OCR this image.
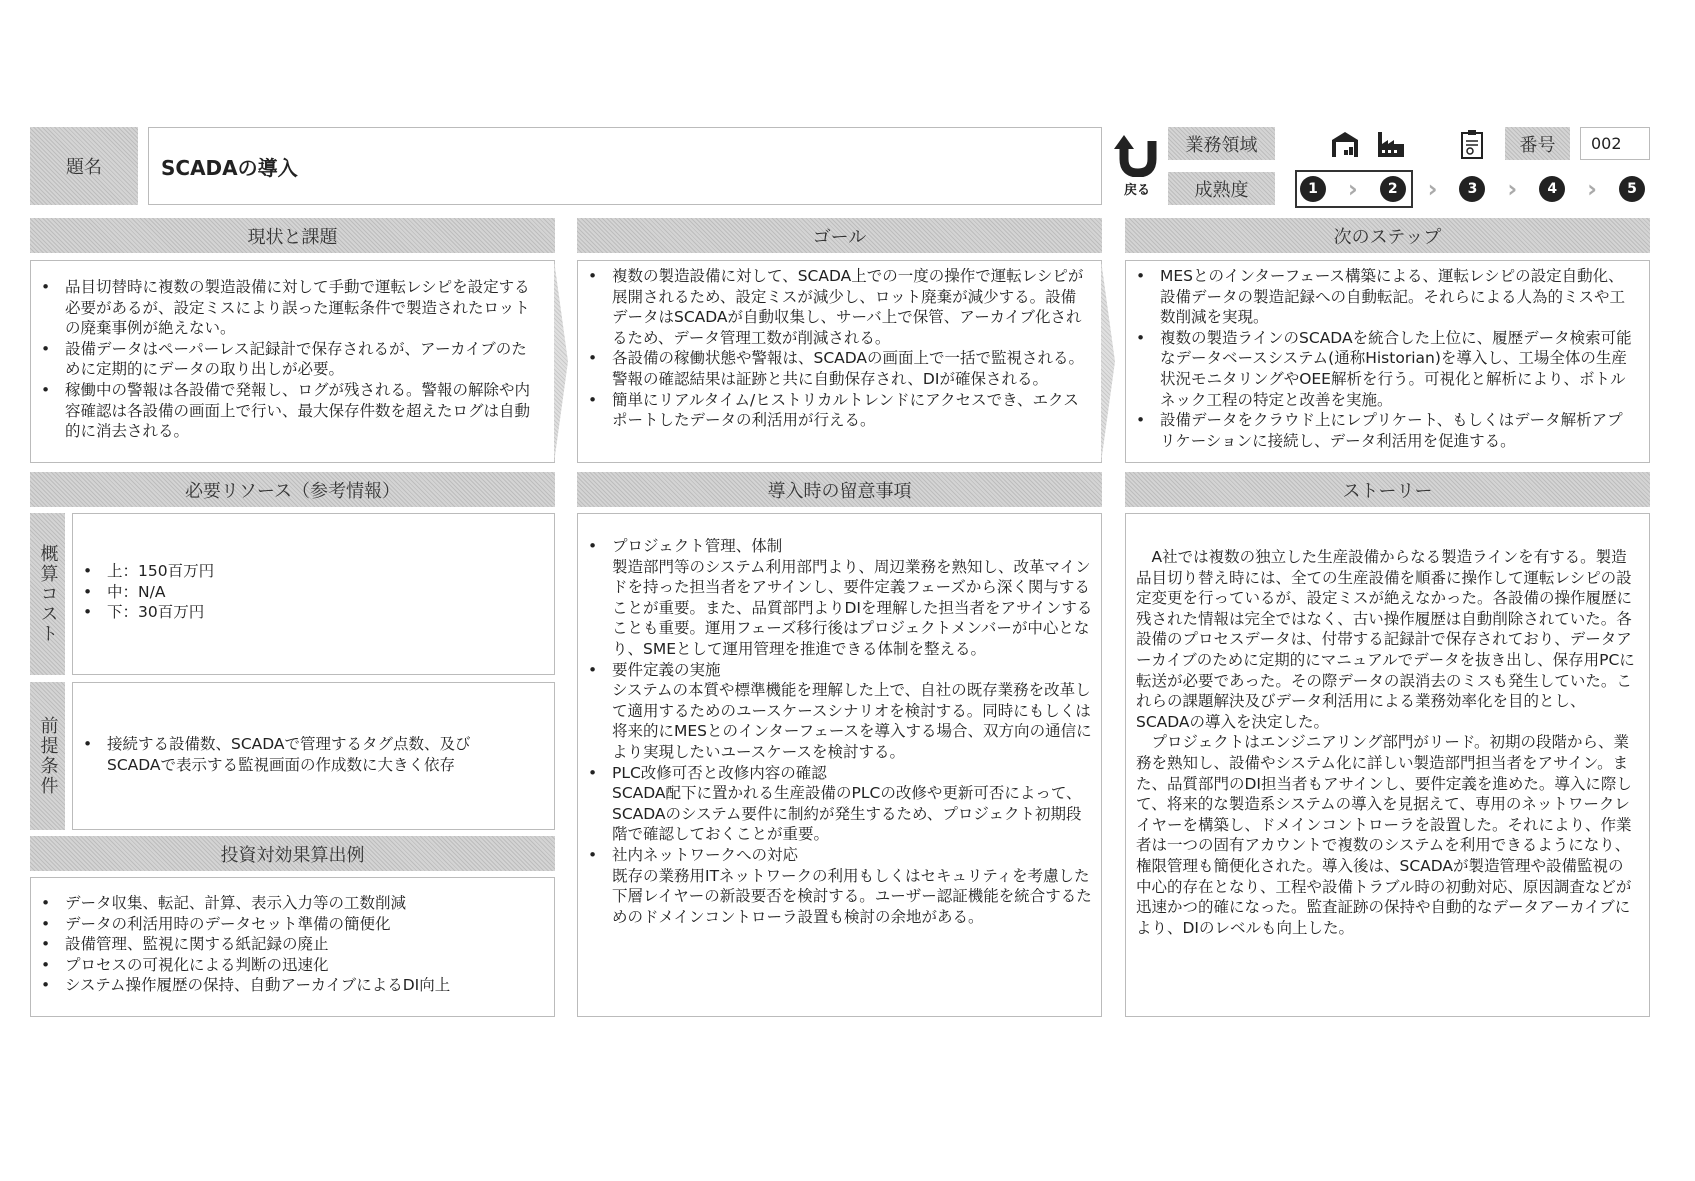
題名	SCADAの導入
戻る
業務領域
成熟度
番号 002
1	›	2	›	3	›	4	›	5
現状と課題	ゴール	次のステップ
• 品目切替時に複数の製造設備に対して手動で運転レシピを設定する必要があるが、設定ミスにより誤った運転条件で製造されたロットの廃棄事例が絶えない。
• 設備データはペーパーレス記録計で保存されるが、アーカイブのために定期的にデータの取り出しが必要。
• 稼働中の警報は各設備で発報し、ログが残される。警報の解除や内容確認は各設備の画面上で行い、最大保存件数を超えたログは自動的に消去される。
• 複数の製造設備に対して、SCADA上での一度の操作で運転レシピが展開されるため、設定ミスが減少し、ロット廃棄が減少する。設備データはSCADAが自動収集し、サーバ上で保管、アーカイブ化されるため、データ管理工数が削減される。
• 各設備の稼働状態や警報は、SCADAの画面上で一括で監視される。警報の確認結果は証跡と共に自動保存され、DIが確保される。
• 簡単にリアルタイム/ヒストリカルトレンドにアクセスでき、エクスポートしたデータの利活用が行える。
• MESとのインターフェース構築による、運転レシピの設定自動化、設備データの製造記録への自動転記。それらによる人為的ミスや工数削減を実現。
• 複数の製造ラインのSCADAを統合した上位に、履歴データ検索可能なデータベースシステム(通称Historian)を導入し、工場全体の生産状況モニタリングやOEE解析を行う。可視化と解析により、ボトルネック工程の特定と改善を実施。
• 設備データをクラウド上にレプリケート、もしくはデータ解析アプリケーションに接続し、データ利活用を促進する。
必要リソース（参考情報）	導入時の留意事項	ストーリー
概算コスト	• 上：150百万円
• 中：N/A
• 下：30百万円
前提条件	• 接続する設備数、SCADAで管理するタグ点数、及びSCADAで表示する監視画面の作成数に大きく依存
投資対効果算出例
• データ収集、転記、計算、表示入力等の工数削減
• データの利活用時のデータセット準備の簡便化
• 設備管理、監視に関する紙記録の廃止
• プロセスの可視化による判断の迅速化
• システム操作履歴の保持、自動アーカイブによるDI向上
• プロジェクト管理、体制
製造部門等のシステム利用部門より、周辺業務を熟知し、改革マインドを持った担当者をアサインし、要件定義フェーズから深く関与することが重要。また、品質部門よりDIを理解した担当者をアサインすることも重要。運用フェーズ移行後はプロジェクトメンバーが中心となり、SMEとして運用管理を推進できる体制を整える。
• 要件定義の実施
システムの本質や標準機能を理解した上で、自社の既存業務を改革して適用するためのユースケースシナリオを検討する。同時にもしくは将来的にMESとのインターフェースを導入する場合、双方向の通信により実現したいユースケースを検討する。
• PLC改修可否と改修内容の確認
SCADA配下に置かれる生産設備のPLCの改修や更新可否によって、SCADAのシステム要件に制約が発生するため、プロジェクト初期段階で確認しておくことが重要。
• 社内ネットワークへの対応
既存の業務用ITネットワークの利用もしくはセキュリティを考慮した下層レイヤーの新設要否を検討する。ユーザー認証機能を統合するためのドメインコントローラ設置も検討の余地がある。

A社では複数の独立した生産設備からなる製造ラインを有する。製造品目切り替え時には、全ての生産設備を順番に操作して運転レシピの設定変更を行っているが、設定ミスが絶えなかった。各設備の操作履歴に残された情報は完全ではなく、古い操作履歴は自動削除されていた。各設備のプロセスデータは、付帯する記録計で保存されており、データアーカイブのために定期的にマニュアルでデータを抜き出し、保存用PCに転送が必要であった。その際データの誤消去のミスも発生していた。これらの課題解決及びデータ利活用による業務効率化を目的とし、SCADAの導入を決定した。

プロジェクトはエンジニアリング部門がリード。初期の段階から、業務を熟知し、設備やシステム化に詳しい製造部門担当者をアサイン。また、品質部門のDI担当者もアサインし、要件定義を進めた。導入に際して、将来的な製造系システムの導入を見据えて、専用のネットワークレイヤーを構築し、ドメインコントローラを設置した。それにより、作業者は一つの固有アカウントで複数のシステムを利用できるようになり、権限管理も簡便化された。導入後は、SCADAが製造管理や設備監視の中心的存在となり、工程や設備トラブル時の初動対応、原因調査などが迅速かつ的確になった。監査証跡の保持や自動的なデータアーカイブにより、DIのレベルも向上した。
